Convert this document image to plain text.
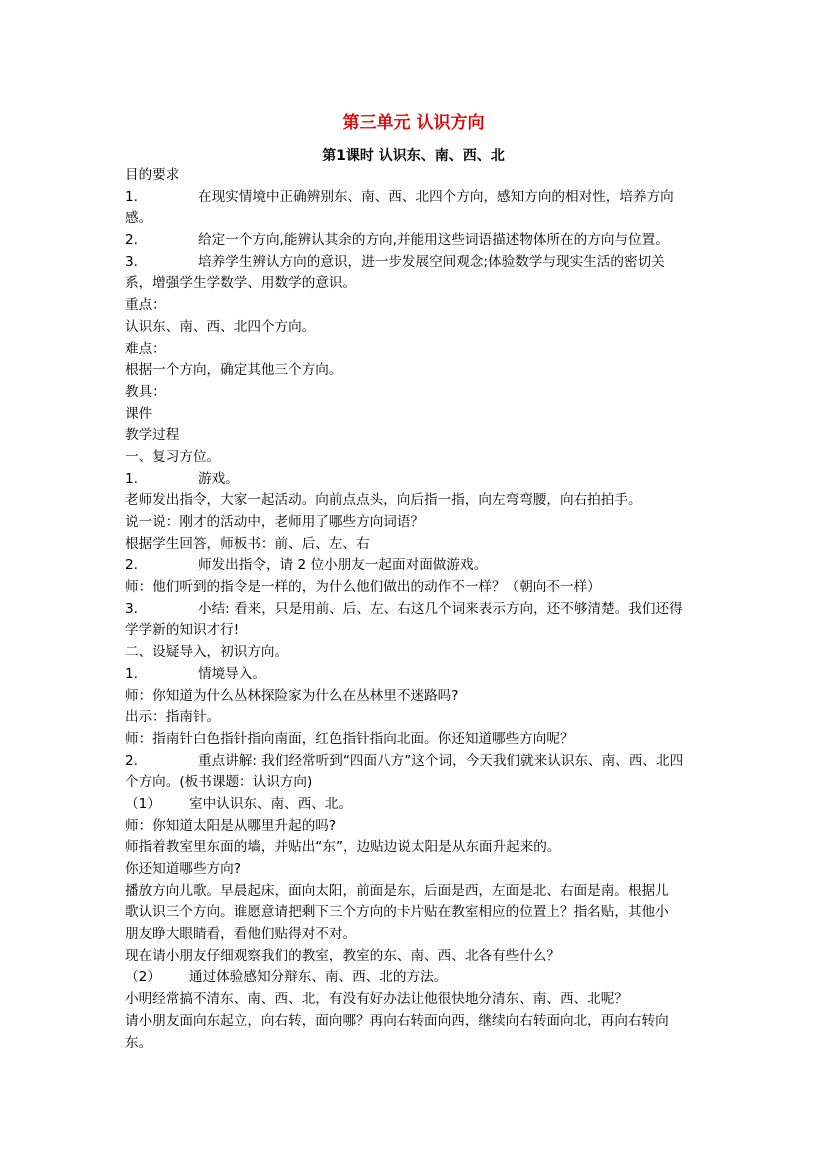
第三单元 认识方向
第1课时 认识东、南、西、北
目的要求
1.	在现实情境中正确辨别东、南、西、北四个方向，感知方向的相对性，培养方向
感。
2.	给定一个方向,能辨认其余的方向,并能用这些词语描述物体所在的方向与位置。
3.	培养学生辨认方向的意识，进一步发展空间观念;体验数学与现实生活的密切关
系，增强学生学数学、用数学的意识。
重点：
认识东、南、西、北四个方向。
难点：
根据一个方向，确定其他三个方向。
教具：
课件
教学过程
一、复习方位。
1.	游戏。
老师发出指令，大家一起活动。向前点点头，向后指一指，向左弯弯腰，向右拍拍手。
说一说：刚才的活动中，老师用了哪些方向词语？
根据学生回答，师板书：前、后、左、右
2.	师发出指令，请 2 位小朋友一起面对面做游戏。
师：他们听到的指令是一样的，为什么他们做出的动作不一样？（朝向不一样）
3.	小结: 看来，只是用前、后、左、右这几个词来表示方向，还不够清楚。我们还得
学学新的知识才行!
二、设疑导入，初识方向。
1.	情境导入。
师：你知道为什么丛林探险家为什么在丛林里不迷路吗?
出示：指南针。
师：指南针白色指针指向南面，红色指针指向北面。你还知道哪些方向呢？
2.	重点讲解: 我们经常听到“四面八方”这个词，今天我们就来认识东、南、西、北四
个方向。(板书课题：认识方向)
（1） 室中认识东、南、西、北。
师：你知道太阳是从哪里升起的吗?
师指着教室里东面的墙，并贴出“东”，边贴边说太阳是从东面升起来的。
你还知道哪些方向?
播放方向儿歌。早晨起床，面向太阳，前面是东，后面是西，左面是北、右面是南。根据儿
歌认识三个方向。谁愿意请把剩下三个方向的卡片贴在教室相应的位置上？指名贴，其他小
朋友睁大眼睛看，看他们贴得对不对。
现在请小朋友仔细观察我们的教室，教室的东、南、西、北各有些什么？
（2） 通过体验感知分辩东、南、西、北的方法。
小明经常搞不清东、南、西、北，有没有好办法让他很快地分清东、南、西、北呢？
请小朋友面向东起立，向右转，面向哪？再向右转面向西，继续向右转面向北，再向右转向
东。
